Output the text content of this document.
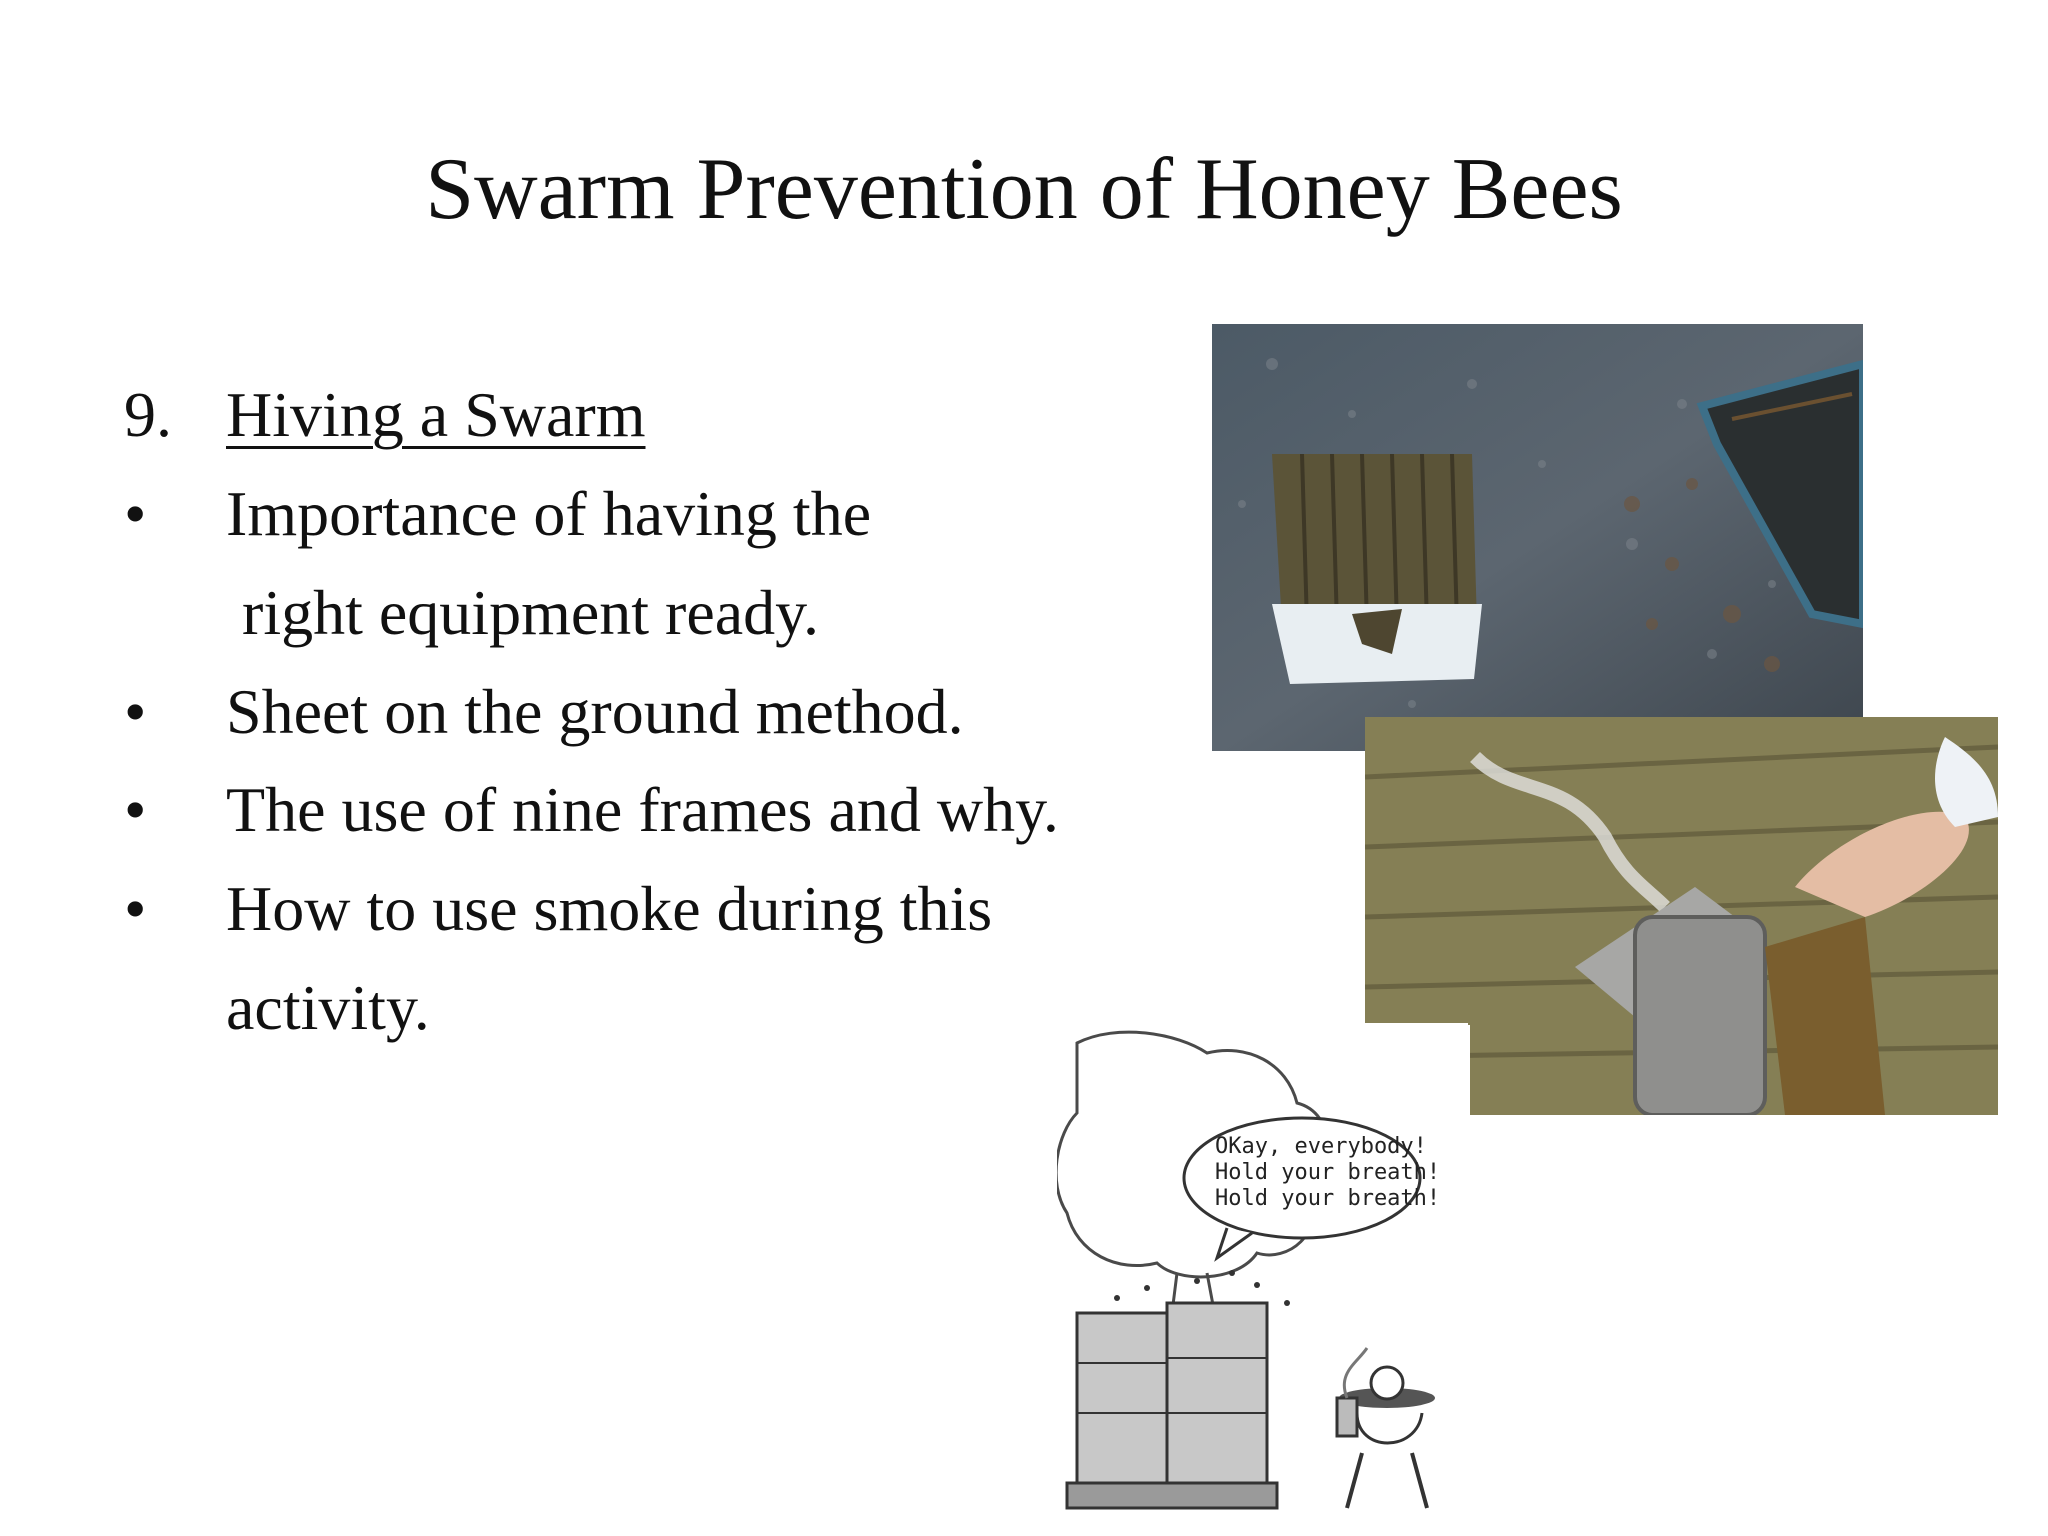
Swarm Prevention of Honey Bees
9. Hiving a Swarm
• Importance of having the
right equipment ready.
• Sheet on the ground method.
• The use of nine frames and why.
• How to use smoke during this
activity.
OKay, everybody!
Hold your breath!
Hold your breath!
